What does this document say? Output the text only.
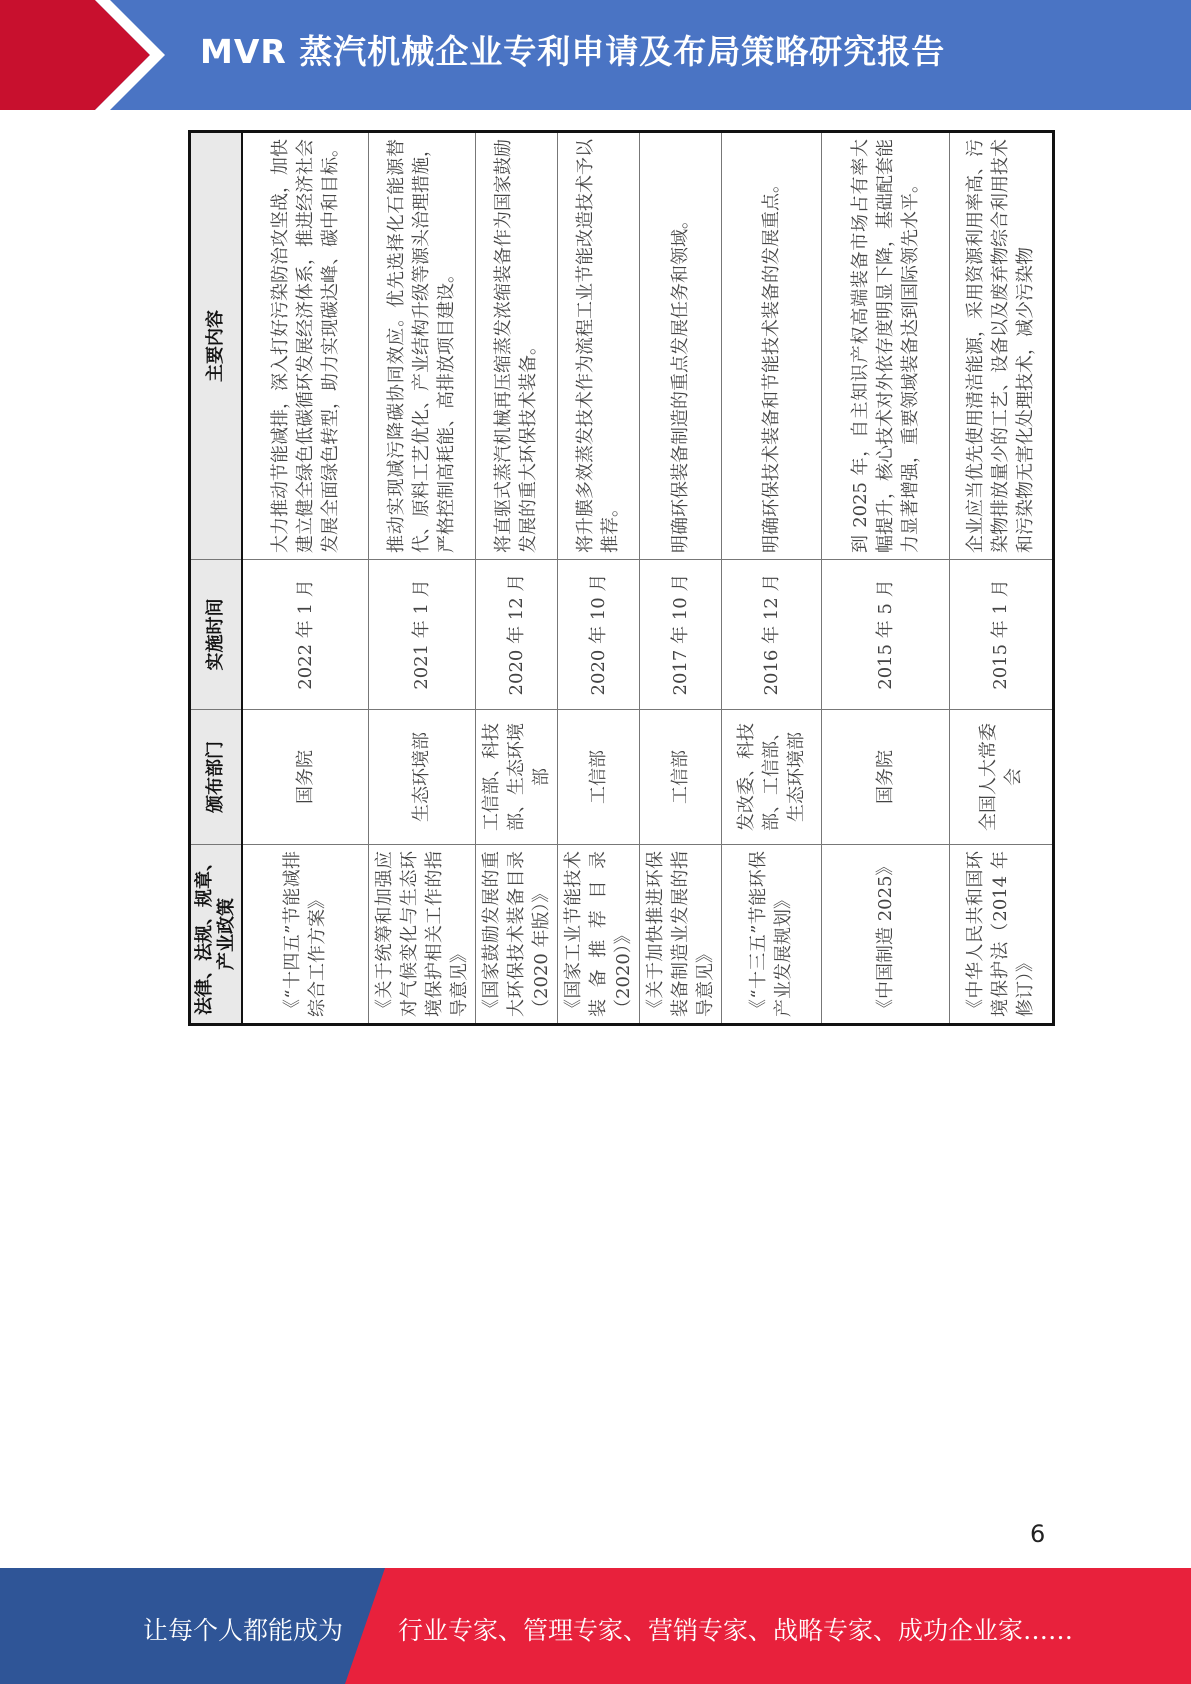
MVR 蒸汽机械企业专利申请及布局策略研究报告
法律、法规、规章、产业政策	颁布部门	实施时间	主要内容
《“十四五”节能减排综合工作方案》	国务院	2022 年 1 月	大力推动节能减排，深入打好污染防治攻坚战，加快建立健全绿色低碳循环发展经济体系，推进经济社会发展全面绿色转型，助力实现碳达峰、碳中和目标。
《关于统筹和加强应对气候变化与生态环境保护相关工作的指导意见》	生态环境部	2021 年 1 月	推动实现减污降碳协同效应。优先选择化石能源替代、原料工艺优化、产业结构升级等源头治理措施，严格控制高耗能、高排放项目建设。
《国家鼓励发展的重大环保技术装备目录（2020 年版）》	工信部、科技部、生态环境部	2020 年 12 月	将直驱式蒸汽机械再压缩蒸发浓缩装备作为国家鼓励发展的重大环保技术装备。
《国家工业节能技术装备推荐目录（2020）》	工信部	2020 年 10 月	将升膜多效蒸发技术作为流程工业节能改造技术予以推荐。
《关于加快推进环保装备制造业发展的指导意见》	工信部	2017 年 10 月	明确环保装备制造的重点发展任务和领域。
《“十三五”节能环保产业发展规划》	发改委、科技部、工信部、生态环境部	2016 年 12 月	明确环保技术装备和节能技术装备的发展重点。
《中国制造 2025》	国务院	2015 年 5 月	到 2025 年，自主知识产权高端装备市场占有率大幅提升，核心技术对外依存度明显下降，基础配套能力显著增强，重要领域装备达到国际领先水平。
《中华人民共和国环境保护法（2014 年修订）》	全国人大常委会	2015 年 1 月	企业应当优先使用清洁能源，采用资源利用率高、污染物排放量少的工艺、设备以及废弃物综合利用技术和污染物无害化处理技术，减少污染物
6
让每个人都能成为 行业专家、管理专家、营销专家、战略专家、成功企业家……
